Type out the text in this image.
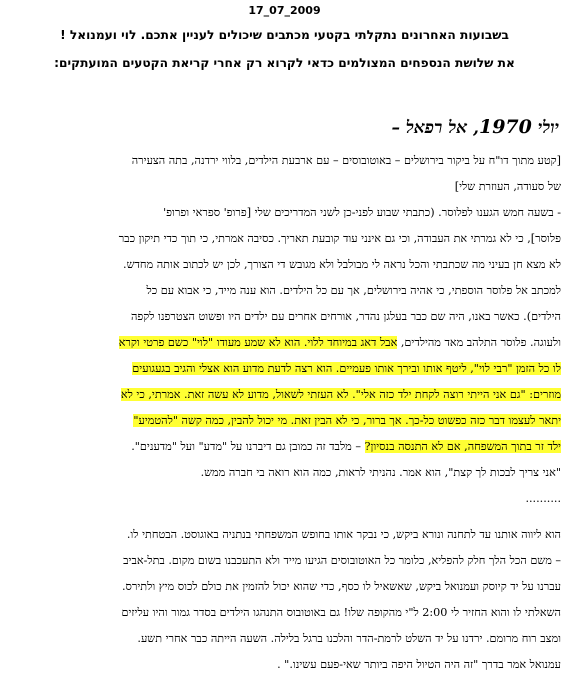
17_07_2009
בשבועות האחרונים נתקלתי בקטעי מכתבים שיכולים לעניין אתכם. לוי ועמנואל !
את שלושת הנספחים המצולמים כדאי לקרוא רק אחרי קריאת הקטעים המועתקים:
יולי 1970, אל רפאל –
[קטע מתוך דו"ח על ביקור בירושלים – באוטובוסים – עם ארבעת הילדים, בלווי ירדנה, בתה הצעירה
של סעודה, העוזרת שלי]
- בשעה חמש הגענו לפלוסר. (כתבתי שבוע לפני-כן לשני המדריכים שלי [פרופ' ספראי ופרופ'
פלוסר], כי לא גמרתי את העבודה, וכי גם אינני עוד קובעת תאריך. כסיבה אמרתי, כי תוך כדי תיקון כבר
לא מצא חן בעיני מה שכתבתי והכל נראה לי מבולבל ולא מגובש די הצורך, לכן יש לכתוב אותה מחדש.
למכתב אל פלוסר הוספתי, כי אהיה בירושלים, אך עם כל הילדים. הוא ענה מייד, כי אבוא עם כל
הילדים). כאשר באנו, היה שם כבר בעלגן נהדר, אורחים אחרים עם ילדים היו ופשוט הצטרפנו לקפה
ולעוגה. פלוסר התלהב מאד מהילדים, אבל דאג במיוחד ללוי. הוא לא שמע מעודו "לוי" כשם פרטי וקרא
לו כל הזמן "רבי לוי", ליטף אותו ובירך אותו פעמיים. הוא רצה לדעת מדוע הוא אצלי והגיב בגעגועים
מוזרים: "גם אני הייתי רוצה לקחת ילד כזה אלי". לא העזתי לשאול, מדוע לא עשה זאת. אמרתי, כי לא
יתאר לעצמו דבר כזה כפשוט כל-כך. אך ברור, כי לא הבין זאת. מי יכול להבין, כמה קשה "להטמיע"
ילד זר בתוך המשפחה, אם לא התנסה בנסיון? – מלבד זה כמובן גם דיברנו על "מדע" ועל "מדענים".
"אני צריך לבכות לך קצת", הוא אמר. נהניתי לראות, כמה הוא רואה בי חברה ממש.
..........
הוא ליווה אותנו עד לתחנה ונורא ביקש, כי נבקר אותו בחופש המשפחתי בנתניה באוגוסט. הבטחתי לו.
– משם הכל הלך חלק להפליא, כלומר כל האוטובוסים הגיעו מייד ולא התעכבנו בשום מקום. בתל-אביב
עברנו על יד קיוסק ועמנואל ביקש, שאשאיל לו כסף, כדי שהוא יכול להזמין את כולם לכוס מיץ ולתירס.
השאלתי לו והוא החזיר לי 2:00 ל"י מהקופה שלו! גם באוטובוס התנהגו הילדים בסדר גמור והיו עליזים
ומצב רוח מרומם. ירדנו על יד השלט לרמת-הדר והלכנו ברגל בלילה. השעה הייתה כבר אחרי תשע.
עמנואל אמר בדרך "זה היה הטיול היפה ביותר שאי-פעם עשינו." .
